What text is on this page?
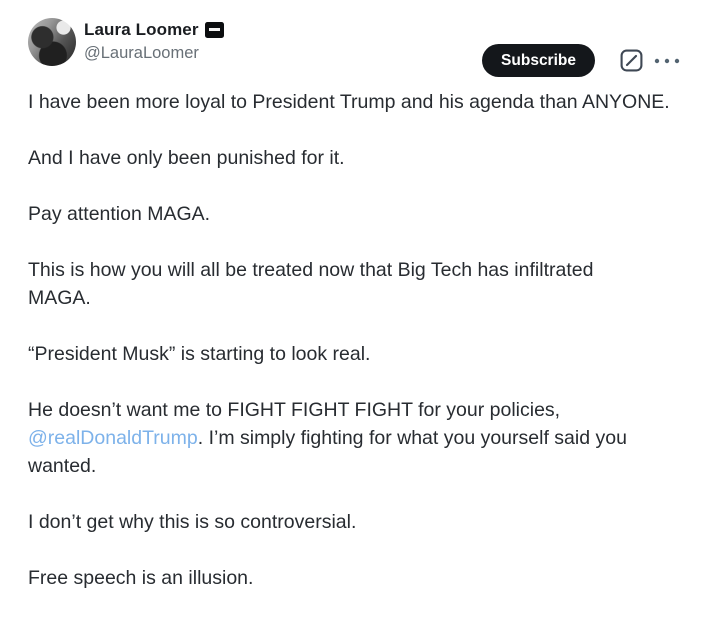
Laura Loomer
@LauraLoomer	Subscribe

I have been more loyal to President Trump and his agenda than ANYONE.

And I have only been punished for it.

Pay attention MAGA.

This is how you will all be treated now that Big Tech has infiltrated
MAGA.

“President Musk” is starting to look real.

He doesn’t want me to FIGHT FIGHT FIGHT for your policies,
@realDonaldTrump. I’m simply fighting for what you yourself said you
wanted.

I don’t get why this is so controversial.

Free speech is an illusion.
